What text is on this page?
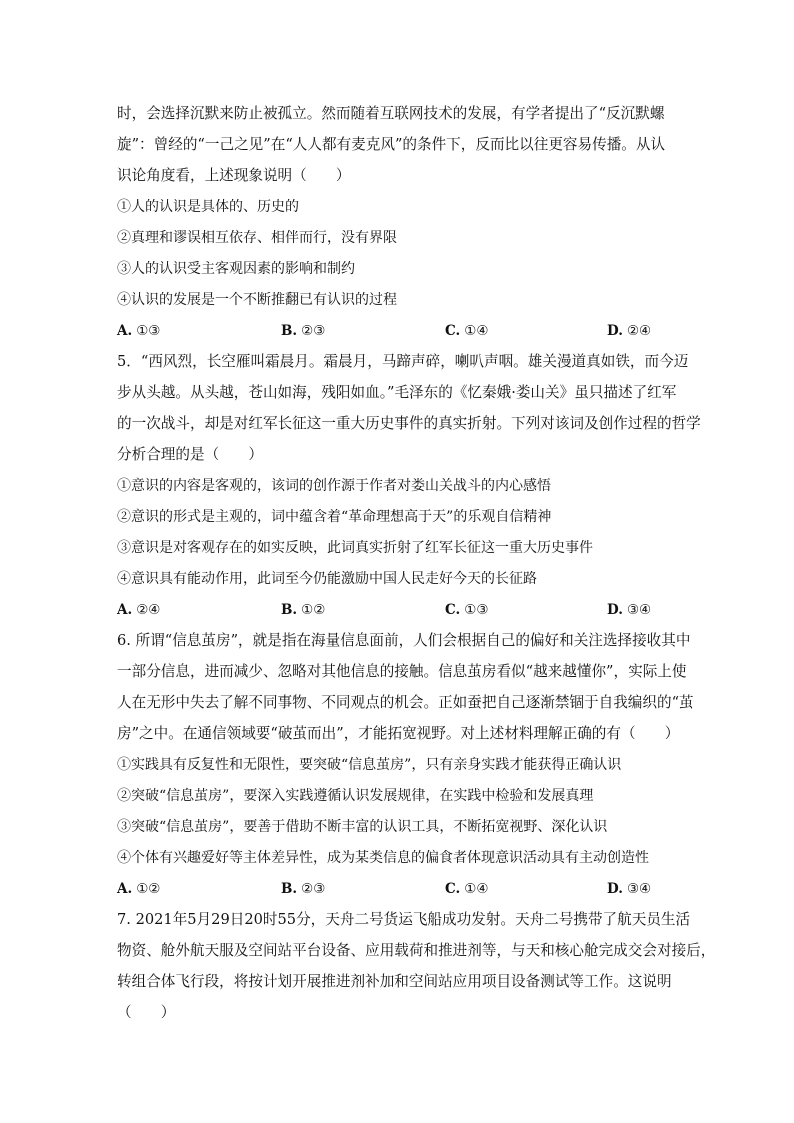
时，会选择沉默来防止被孤立。然而随着互联网技术的发展，有学者提出了“反沉默螺
旋”：曾经的“一己之见”在“人人都有麦克风”的条件下，反而比以往更容易传播。从认
识论角度看，上述现象说明（　　）
①人的认识是具体的、历史的
②真理和谬误相互依存、相伴而行，没有界限
③人的认识受主客观因素的影响和制约
④认识的发展是一个不断推翻已有认识的过程
A. ①③	B. ②③	C. ①④	D. ②④
5．“西风烈，长空雁叫霜晨月。霜晨月，马蹄声碎，喇叭声咽。雄关漫道真如铁，而今迈
步从头越。从头越，苍山如海，残阳如血。”毛泽东的《忆秦娥·娄山关》虽只描述了红军
的一次战斗，却是对红军长征这一重大历史事件的真实折射。下列对该词及创作过程的哲学
分析合理的是（　　）
①意识的内容是客观的，该词的创作源于作者对娄山关战斗的内心感悟
②意识的形式是主观的，词中蕴含着“革命理想高于天”的乐观自信精神
③意识是对客观存在的如实反映，此词真实折射了红军长征这一重大历史事件
④意识具有能动作用，此词至今仍能激励中国人民走好今天的长征路
A. ②④	B. ①②	C. ①③	D. ③④
6. 所谓“信息茧房”，就是指在海量信息面前，人们会根据自己的偏好和关注选择接收其中
一部分信息，进而减少、忽略对其他信息的接触。信息茧房看似“越来越懂你”，实际上使
人在无形中失去了解不同事物、不同观点的机会。正如蚕把自己逐渐禁锢于自我编织的“茧
房”之中。在通信领域要“破茧而出”，才能拓宽视野。对上述材料理解正确的有（　　）
①实践具有反复性和无限性，要突破“信息茧房”，只有亲身实践才能获得正确认识
②突破“信息茧房”，要深入实践遵循认识发展规律，在实践中检验和发展真理
③突破“信息茧房”，要善于借助不断丰富的认识工具，不断拓宽视野、深化认识
④个体有兴趣爱好等主体差异性，成为某类信息的偏食者体现意识活动具有主动创造性
A. ①②	B. ②③	C. ①④	D. ③④
7. 2021年5月29日20时55分，天舟二号货运飞船成功发射。天舟二号携带了航天员生活
物资、舱外航天服及空间站平台设备、应用载荷和推进剂等，与天和核心舱完成交会对接后，
转组合体飞行段，将按计划开展推进剂补加和空间站应用项目设备测试等工作。这说明
（　　）
